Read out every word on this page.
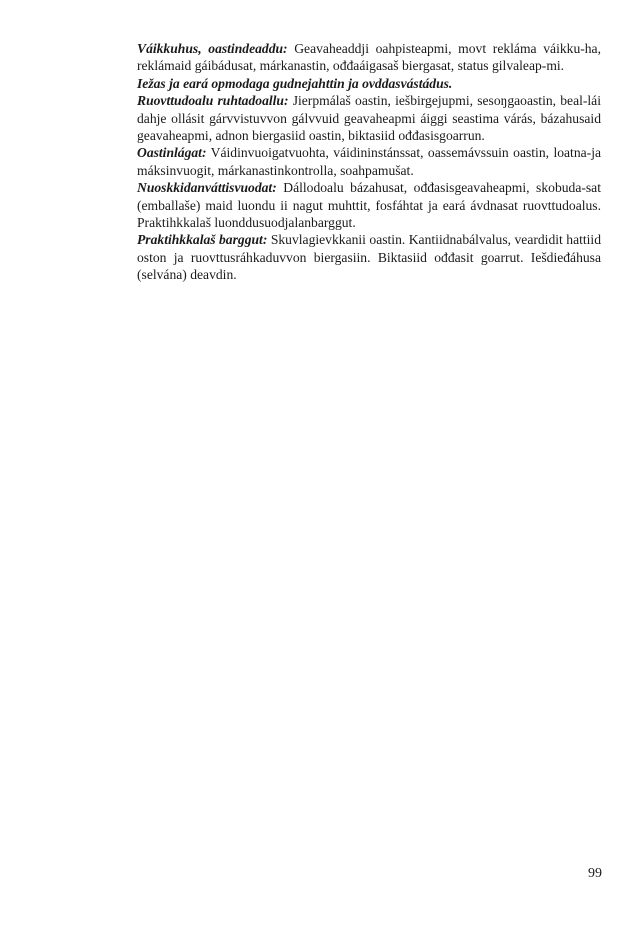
Váikkuhus, oastindeaddu: Geavaheaddji oahpisteapmi, movt rekláma váikku-ha, reklámaid gáibádusat, márkanastin, ođđaáigasaš biergasat, status gilvaleap-mi.

Iežas ja eará opmodaga gudnejahttin ja ovddasvástádus.

Ruovttudoalu ruhtadoallu: Jierpmálaš oastin, iešbirgejupmi, sesoŋgaoastin, beal-lái dahje ollásit gárvvistuvvon gálvvuid geavaheapmi áiggi seastima várás, bázahusaid geavaheapmi, adnon biergasiid oastin, biktasiid ođđasisgoarrun.

Oastinlágat: Váidinvuoigatvuohta, váidininstánssat, oassemávssuin oastin, loatna-ja máksinvuogit, márkanastinkontrolla, soahpamušat.

Nuoskkidanváttisvuodat: Dállodoalu bázahusat, ođđasisgeavaheapmi, skobuda-sat (emballaše) maid luondu ii nagut muhttit, fosfáhtat ja eará ávdnasat ruovttudoalus. Praktihkkalaš luonddusuodjalanbarggut.

Praktihkkalaš barggut: Skuvlagievkkanii oastin. Kantiidnabálvalus, veardidit hattiid oston ja ruovttusráhkaduvvon biergasiin. Biktasiid ođđasit goarrut. Iešdieđáhusa (selvána) deavdin.

99
